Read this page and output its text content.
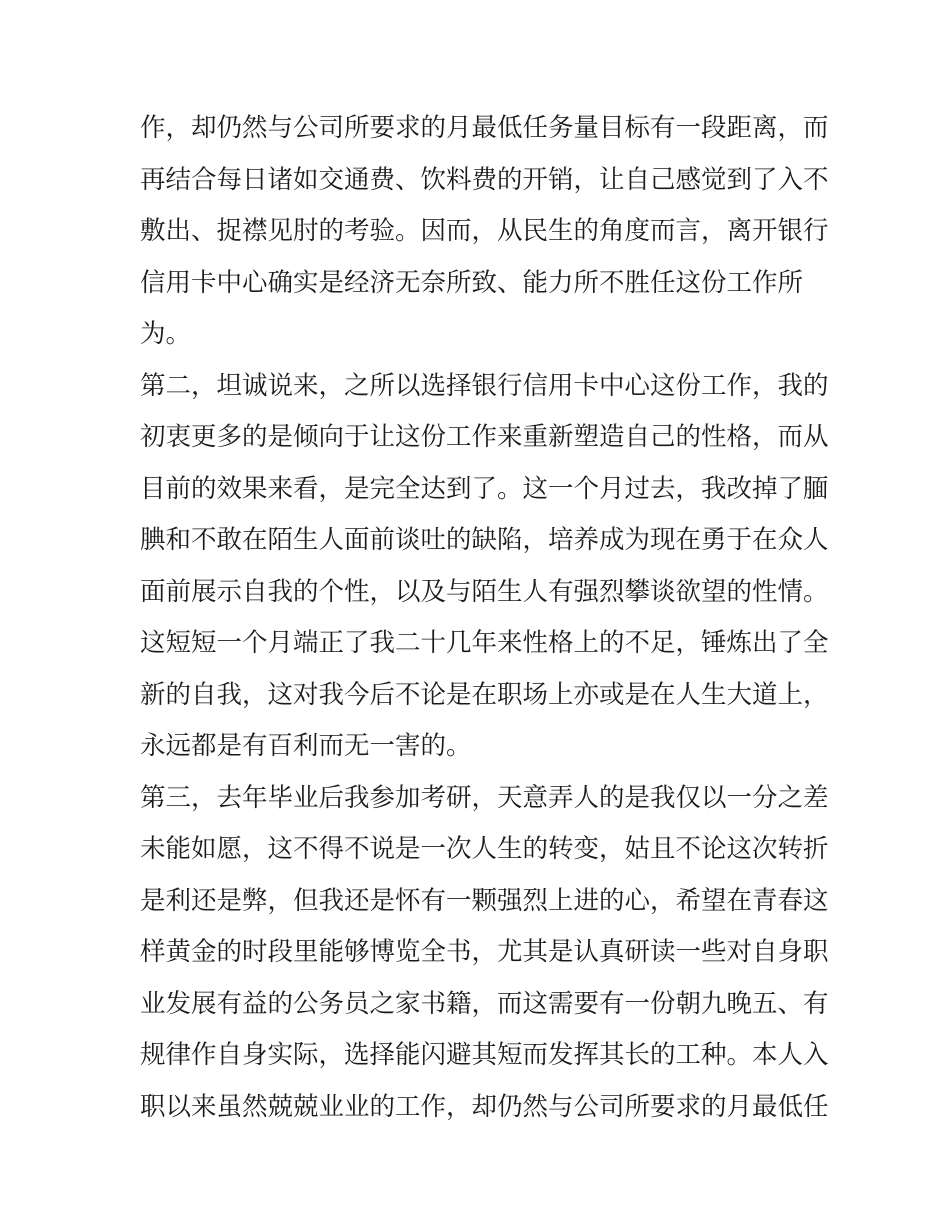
作，却仍然与公司所要求的月最低任务量目标有一段距离，而
再结合每日诸如交通费、饮料费的开销，让自己感觉到了入不
敷出、捉襟见肘的考验。因而，从民生的角度而言，离开银行
信用卡中心确实是经济无奈所致、能力所不胜任这份工作所
为。
第二，坦诚说来，之所以选择银行信用卡中心这份工作，我的
初衷更多的是倾向于让这份工作来重新塑造自己的性格，而从
目前的效果来看，是完全达到了。这一个月过去，我改掉了腼
腆和不敢在陌生人面前谈吐的缺陷，培养成为现在勇于在众人
面前展示自我的个性，以及与陌生人有强烈攀谈欲望的性情。
这短短一个月端正了我二十几年来性格上的不足，锤炼出了全
新的自我，这对我今后不论是在职场上亦或是在人生大道上，
永远都是有百利而无一害的。
第三，去年毕业后我参加考研，天意弄人的是我仅以一分之差
未能如愿，这不得不说是一次人生的转变，姑且不论这次转折
是利还是弊，但我还是怀有一颗强烈上进的心，希望在青春这
样黄金的时段里能够博览全书，尤其是认真研读一些对自身职
业发展有益的公务员之家书籍，而这需要有一份朝九晚五、有
规律作自身实际，选择能闪避其短而发挥其长的工种。本人入
职以来虽然兢兢业业的工作，却仍然与公司所要求的月最低任
